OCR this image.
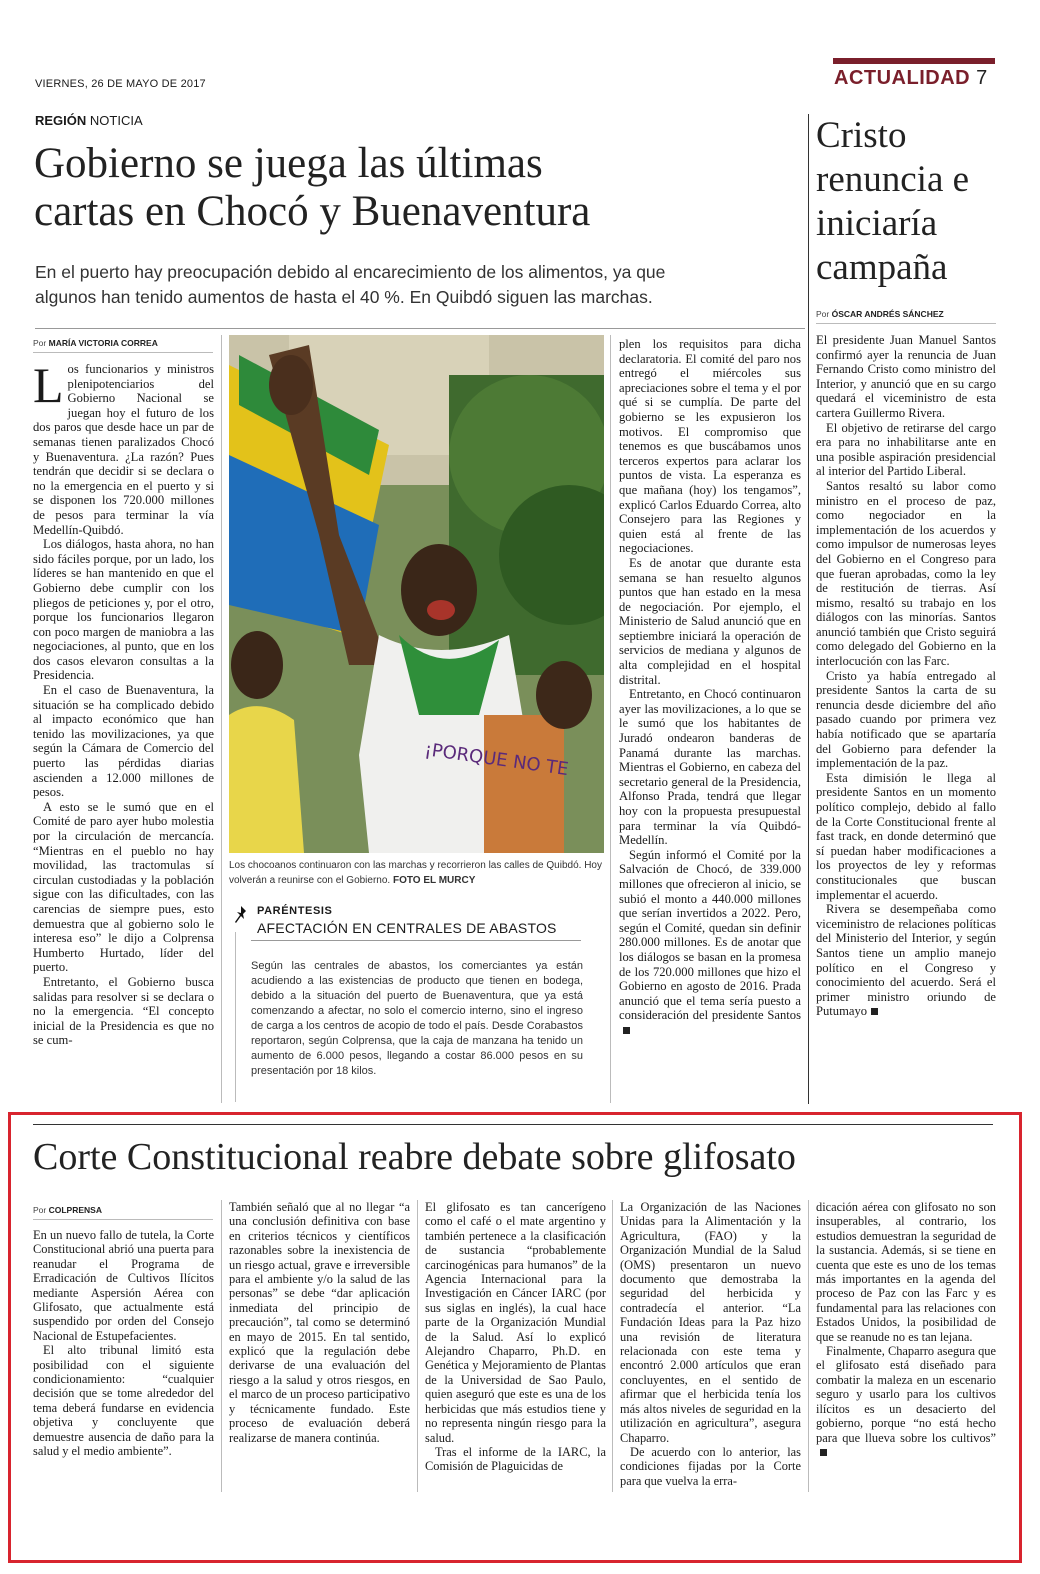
VIERNES, 26 DE MAYO DE 2017	ACTUALIDAD 7
REGIÓN NOTICIA
Gobierno se juega las últimas
cartas en Chocó y Buenaventura
En el puerto hay preocupación debido al encarecimiento de los alimentos, ya que
algunos han tenido aumentos de hasta el 40 %. En Quibdó siguen las marchas.
Por MARÍA VICTORIA CORREA

Los funcionarios y ministros plenipotenciarios del Gobierno Nacional se juegan hoy el futuro de los dos paros que desde hace un par de semanas tienen paralizados Chocó y Buenaventura. ¿La razón? Pues tendrán que decidir si se declara o no la emergencia en el puerto y si se disponen los 720.000 millones de pesos para terminar la vía Medellín-Quibdó.

Los diálogos, hasta ahora, no han sido fáciles porque, por un lado, los líderes se han mantenido en que el Gobierno debe cumplir con los pliegos de peticiones y, por el otro, porque los funcionarios llegaron con poco margen de maniobra a las negociaciones, al punto, que en los dos casos elevaron consultas a la Presidencia.

En el caso de Buenaventura, la situación se ha complicado debido al impacto económico que han tenido las movilizaciones, ya que según la Cámara de Comercio del puerto las pérdidas diarias ascienden a 12.000 millones de pesos.

A esto se le sumó que en el Comité de paro ayer hubo molestia por la circulación de mercancía. “Mientras en el pueblo no hay movilidad, las tractomulas sí circulan custodiadas y la población sigue con las dificultades, con las carencias de siempre pues, esto demuestra que al gobierno solo le interesa eso” le dijo a Colprensa Humberto Hurtado, líder del puerto.

Entretanto, el Gobierno busca salidas para resolver si se declara o no la emergencia. “El concepto inicial de la Presidencia es que no se cum-

¡PORQUE NO TE
Los chocoanos continuaron con las marchas y recorrieron las calles de Quibdó. Hoy volverán a reunirse con el Gobierno. FOTO EL MURCY
PARÉNTESIS
AFECTACIÓN EN CENTRALES DE ABASTOS
Según las centrales de abastos, los comerciantes ya están acudiendo a las existencias de producto que tienen en bodega, debido a la situación del puerto de Buenaventura, que ya está comenzando a afectar, no solo el comercio interno, sino el ingreso de carga a los centros de acopio de todo el país. Desde Corabastos reportaron, según Colprensa, que la caja de manzana ha tenido un aumento de 6.000 pesos, llegando a costar 86.000 pesos en su presentación por 18 kilos.

plen los requisitos para dicha declaratoria. El comité del paro nos entregó el miércoles sus apreciaciones sobre el tema y el por qué si se cumplía. De parte del gobierno se les expusieron los motivos. El compromiso que tenemos es que buscábamos unos terceros expertos para aclarar los puntos de vista. La esperanza es que mañana (hoy) los tengamos”, explicó Carlos Eduardo Correa, alto Consejero para las Regiones y quien está al frente de las negociaciones.

Es de anotar que durante esta semana se han resuelto algunos puntos que han estado en la mesa de negociación. Por ejemplo, el Ministerio de Salud anunció que en septiembre iniciará la operación de servicios de mediana y algunos de alta complejidad en el hospital distrital.

Entretanto, en Chocó continuaron ayer las movilizaciones, a lo que se le sumó que los habitantes de Juradó ondearon banderas de Panamá durante las marchas. Mientras el Gobierno, en cabeza del secretario general de la Presidencia, Alfonso Prada, tendrá que llegar hoy con la propuesta presupuestal para terminar la vía Quibdó-Medellín.

Según informó el Comité por la Salvación de Chocó, de 339.000 millones que ofrecieron al inicio, se subió el monto a 440.000 millones que serían invertidos a 2022. Pero, según el Comité, quedan sin definir 280.000 millones. Es de anotar que los diálogos se basan en la promesa de los 720.000 millones que hizo el Gobierno en agosto de 2016. Prada anunció que el tema sería puesto a consideración del presidente Santos

Cristo renuncia e iniciaría campaña
Por ÓSCAR ANDRÉS SÁNCHEZ

El presidente Juan Manuel Santos confirmó ayer la renuncia de Juan Fernando Cristo como ministro del Interior, y anunció que en su cargo quedará el viceministro de esta cartera Guillermo Rivera.

El objetivo de retirarse del cargo era para no inhabilitarse ante en una posible aspiración presidencial al interior del Partido Liberal.

Santos resaltó su labor como ministro en el proceso de paz, como negociador en la implementación de los acuerdos y como impulsor de numerosas leyes del Gobierno en el Congreso para que fueran aprobadas, como la ley de restitución de tierras. Así mismo, resaltó su trabajo en los diálogos con las minorías. Santos anunció también que Cristo seguirá como delegado del Gobierno en la interlocución con las Farc.

Cristo ya había entregado al presidente Santos la carta de su renuncia desde diciembre del año pasado cuando por primera vez había notificado que se apartaría del Gobierno para defender la implementación de la paz.

Esta dimisión le llega al presidente Santos en un momento político complejo, debido al fallo de la Corte Constitucional frente al fast track, en donde determinó que sí puedan haber modificaciones a los proyectos de ley y reformas constitucionales que buscan implementar el acuerdo.

Rivera se desempeñaba como viceministro de relaciones políticas del Ministerio del Interior, y según Santos tiene un amplio manejo político en el Congreso y conocimiento del acuerdo. Será el primer ministro oriundo de Putumayo

Corte Constitucional reabre debate sobre glifosato
Por COLPRENSA

En un nuevo fallo de tutela, la Corte Constitucional abrió una puerta para reanudar el Programa de Erradicación de Cultivos Ilícitos mediante Aspersión Aérea con Glifosato, que actualmente está suspendido por orden del Consejo Nacional de Estupefacientes.

El alto tribunal limitó esta posibilidad con el siguiente condicionamiento: “cualquier decisión que se tome alrededor del tema deberá fundarse en evidencia objetiva y concluyente que demuestre ausencia de daño para la salud y el medio ambiente”.

También señaló que al no llegar “a una conclusión definitiva con base en criterios técnicos y científicos razonables sobre la inexistencia de un riesgo actual, grave e irreversible para el ambiente y/o la salud de las personas” se debe “dar aplicación inmediata del principio de precaución”, tal como se determinó en mayo de 2015. En tal sentido, explicó que la regulación debe derivarse de una evaluación del riesgo a la salud y otros riesgos, en el marco de un proceso participativo y técnicamente fundado. Este proceso de evaluación deberá realizarse de manera continúa.

El glifosato es tan cancerígeno como el café o el mate argentino y también pertenece a la clasificación de sustancia “probablemente carcinogénicas para humanos” de la Agencia Internacional para la Investigación en Cáncer IARC (por sus siglas en inglés), la cual hace parte de la Organización Mundial de la Salud. Así lo explicó Alejandro Chaparro, Ph.D. en Genética y Mejoramiento de Plantas de la Universidad de Sao Paulo, quien aseguró que este es una de los herbicidas que más estudios tiene y no representa ningún riesgo para la salud.

Tras el informe de la IARC, la Comisión de Plaguicidas de

La Organización de las Naciones Unidas para la Alimentación y la Agricultura, (FAO) y la Organización Mundial de la Salud (OMS) presentaron un nuevo documento que demostraba la seguridad del herbicida y contradecía el anterior. “La Fundación Ideas para la Paz hizo una revisión de literatura relacionada con este tema y encontró 2.000 artículos que eran concluyentes, en el sentido de afirmar que el herbicida tenía los más altos niveles de seguridad en la utilización en agricultura”, asegura Chaparro.

De acuerdo con lo anterior, las condiciones fijadas por la Corte para que vuelva la erra-

dicación aérea con glifosato no son insuperables, al contrario, los estudios demuestran la seguridad de la sustancia. Además, si se tiene en cuenta que este es uno de los temas más importantes en la agenda del proceso de Paz con las Farc y es fundamental para las relaciones con Estados Unidos, la posibilidad de que se reanude no es tan lejana.

Finalmente, Chaparro asegura que el glifosato está diseñado para combatir la maleza en un escenario seguro y usarlo para los cultivos ilícitos es un desacierto del gobierno, porque “no está hecho para que llueva sobre los cultivos”
